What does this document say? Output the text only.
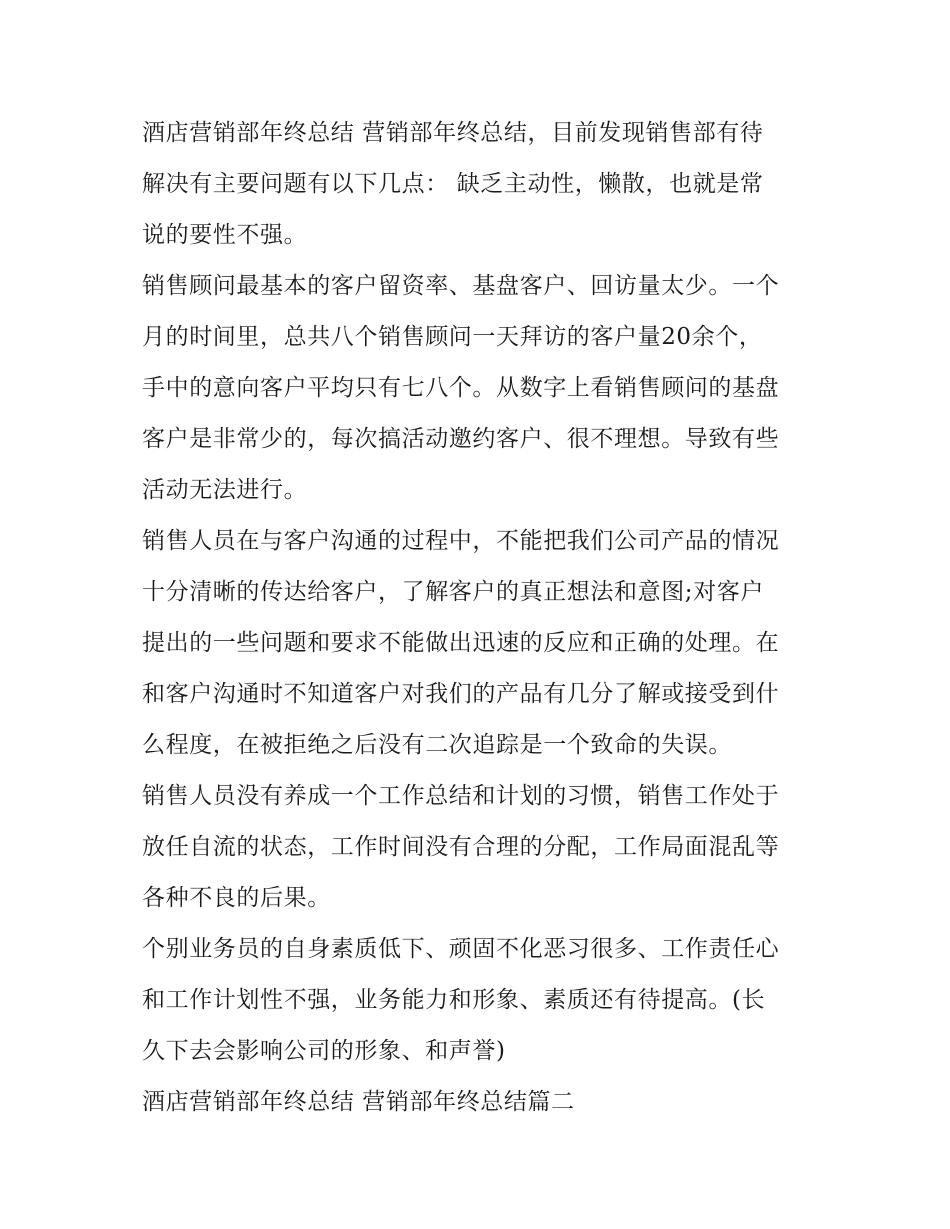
酒店营销部年终总结 营销部年终总结，目前发现销售部有待
解决有主要问题有以下几点： 缺乏主动性，懒散，也就是常
说的要性不强。
销售顾问最基本的客户留资率、基盘客户、回访量太少。一个
月的时间里，总共八个销售顾问一天拜访的客户量20余个，
手中的意向客户平均只有七八个。从数字上看销售顾问的基盘
客户是非常少的，每次搞活动邀约客户、很不理想。导致有些
活动无法进行。
销售人员在与客户沟通的过程中，不能把我们公司产品的情况
十分清晰的传达给客户，了解客户的真正想法和意图;对客户
提出的一些问题和要求不能做出迅速的反应和正确的处理。在
和客户沟通时不知道客户对我们的产品有几分了解或接受到什
么程度，在被拒绝之后没有二次追踪是一个致命的失误。
销售人员没有养成一个工作总结和计划的习惯，销售工作处于
放任自流的状态，工作时间没有合理的分配，工作局面混乱等
各种不良的后果。
个别业务员的自身素质低下、顽固不化恶习很多、工作责任心
和工作计划性不强，业务能力和形象、素质还有待提高。(长
久下去会影响公司的形象、和声誉)
酒店营销部年终总结 营销部年终总结篇二
